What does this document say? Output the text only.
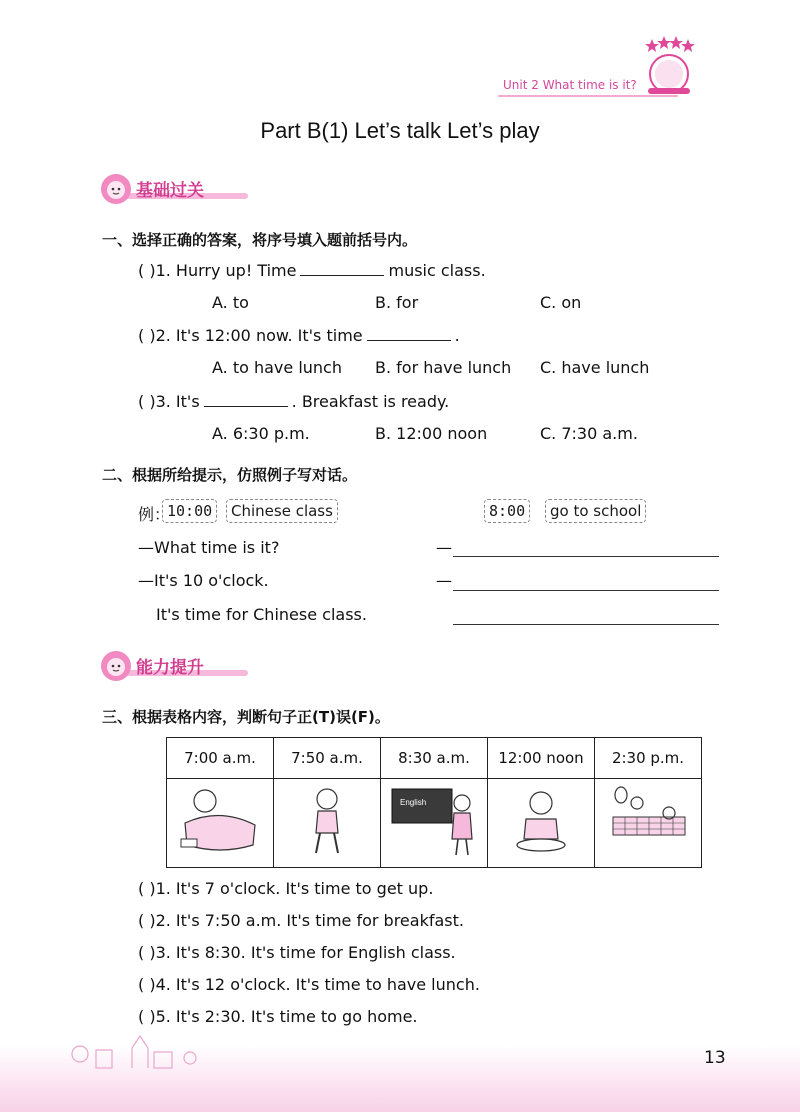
Unit 2 What time is it?
Part B(1) Let’s talk Let’s play
基础过关
一、选择正确的答案，将序号填入题前括号内。
( )1. Hurry up! Time	music class.
A. to	B. for	C. on
( )2. It's 12:00 now. It's time	.
A. to have lunch B. for have lunch C. have lunch
( )3. It's	. Breakfast is ready.
A. 6:30 p.m.	B. 12:00 noon	C. 7:30 a.m.
二、根据所给提示，仿照例子写对话。
例：
10:00	Chinese class	8:00	go to school
—What time is it?
—It's 10 o'clock.
It's time for Chinese class.
—
—
能力提升
三、根据表格内容，判断句子正(T)误(F)。
7:00 a.m.	7:50 a.m.	8:30 a.m.	12:00 noon	2:30 p.m.

English

( )1. It's 7 o'clock. It's time to get up.
( )2. It's 7:50 a.m. It's time for breakfast.
( )3. It's 8:30. It's time for English class.
( )4. It's 12 o'clock. It's time to have lunch.
( )5. It's 2:30. It's time to go home.
13
